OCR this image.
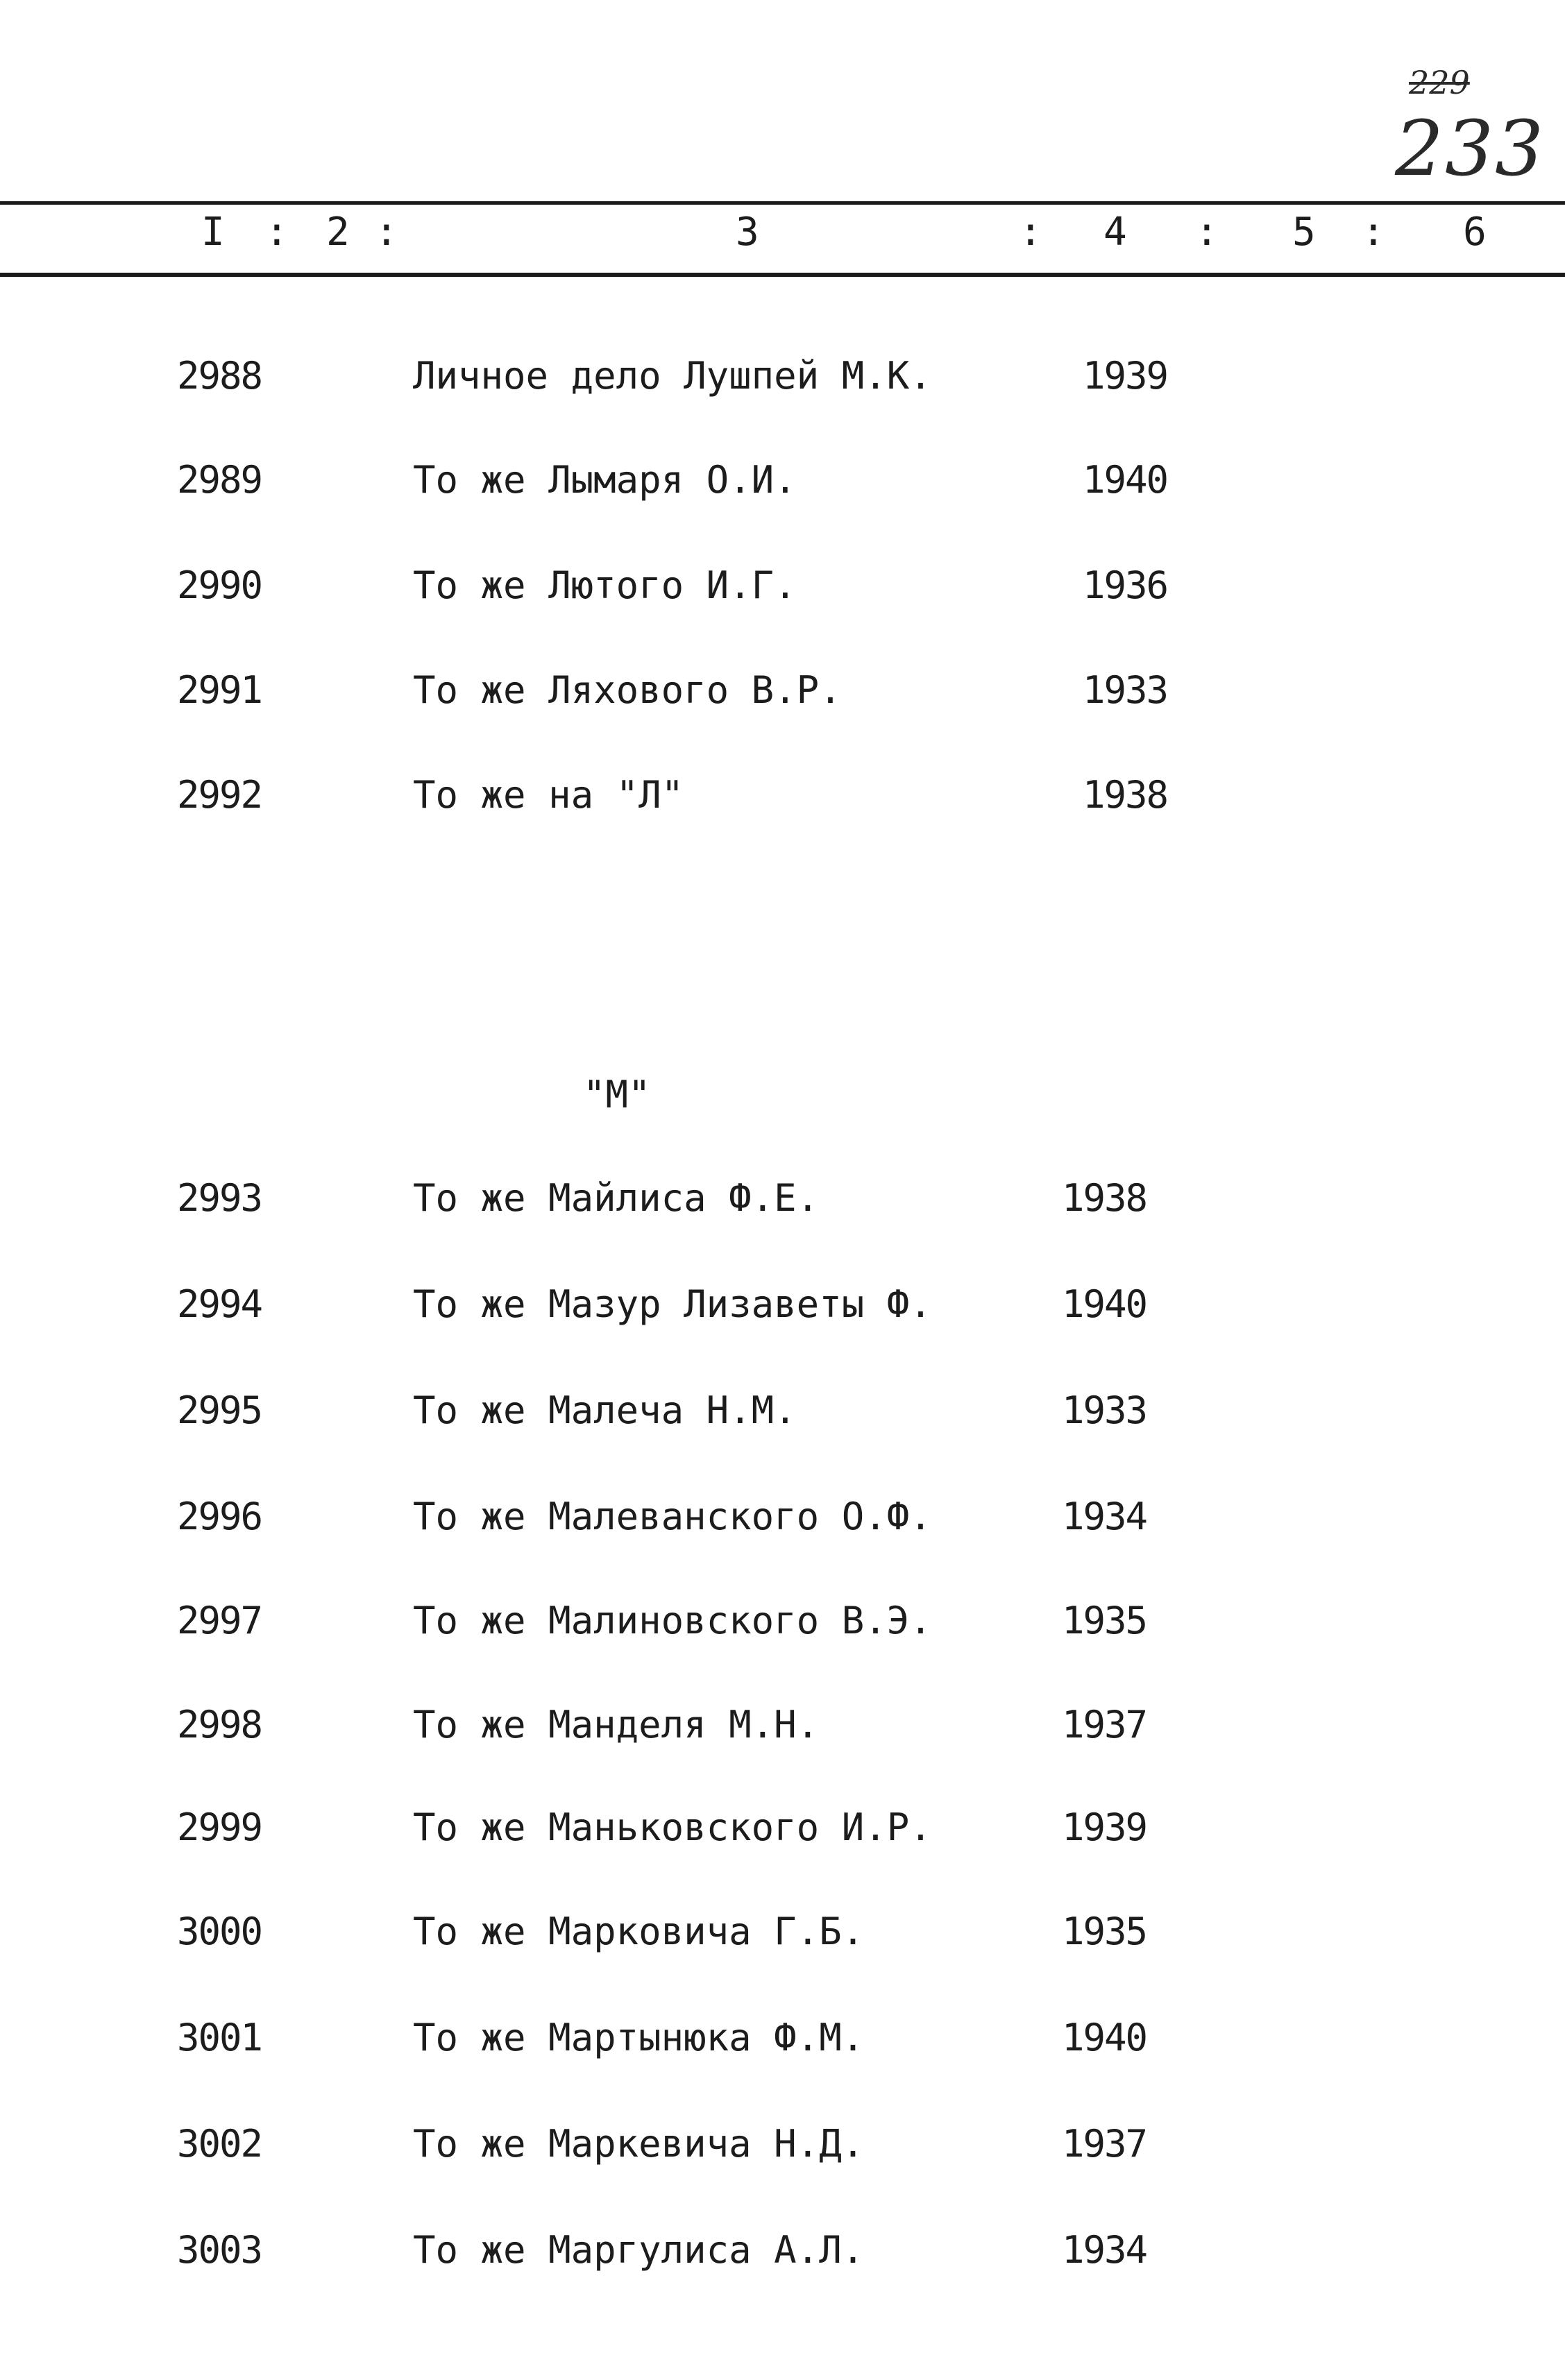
229
233
I : 2 :	3	: 4 : 5 : 6
2988	Личное дело Лушпей М.К.	1939
2989	То же Лымаря О.И.	1940
2990	То же Лютого И.Г.	1936
2991	То же Ляхового В.Р.	1933
2992	То же на "Л"	1938
"М"
2993	То же Майлиса Ф.Е.	1938
2994	То же Мазур Лизаветы Ф.	1940
2995	То же Малеча Н.М.	1933
2996	То же Малеванского О.Ф.	1934
2997	То же Малиновского В.Э.	1935
2998	То же Манделя М.Н.	1937
2999	То же Маньковского И.Р.	1939
3000	То же Марковича Г.Б.	1935
3001	То же Мартынюка Ф.М.	1940
3002	То же Маркевича Н.Д.	1937
3003	То же Маргулиса А.Л.	1934
